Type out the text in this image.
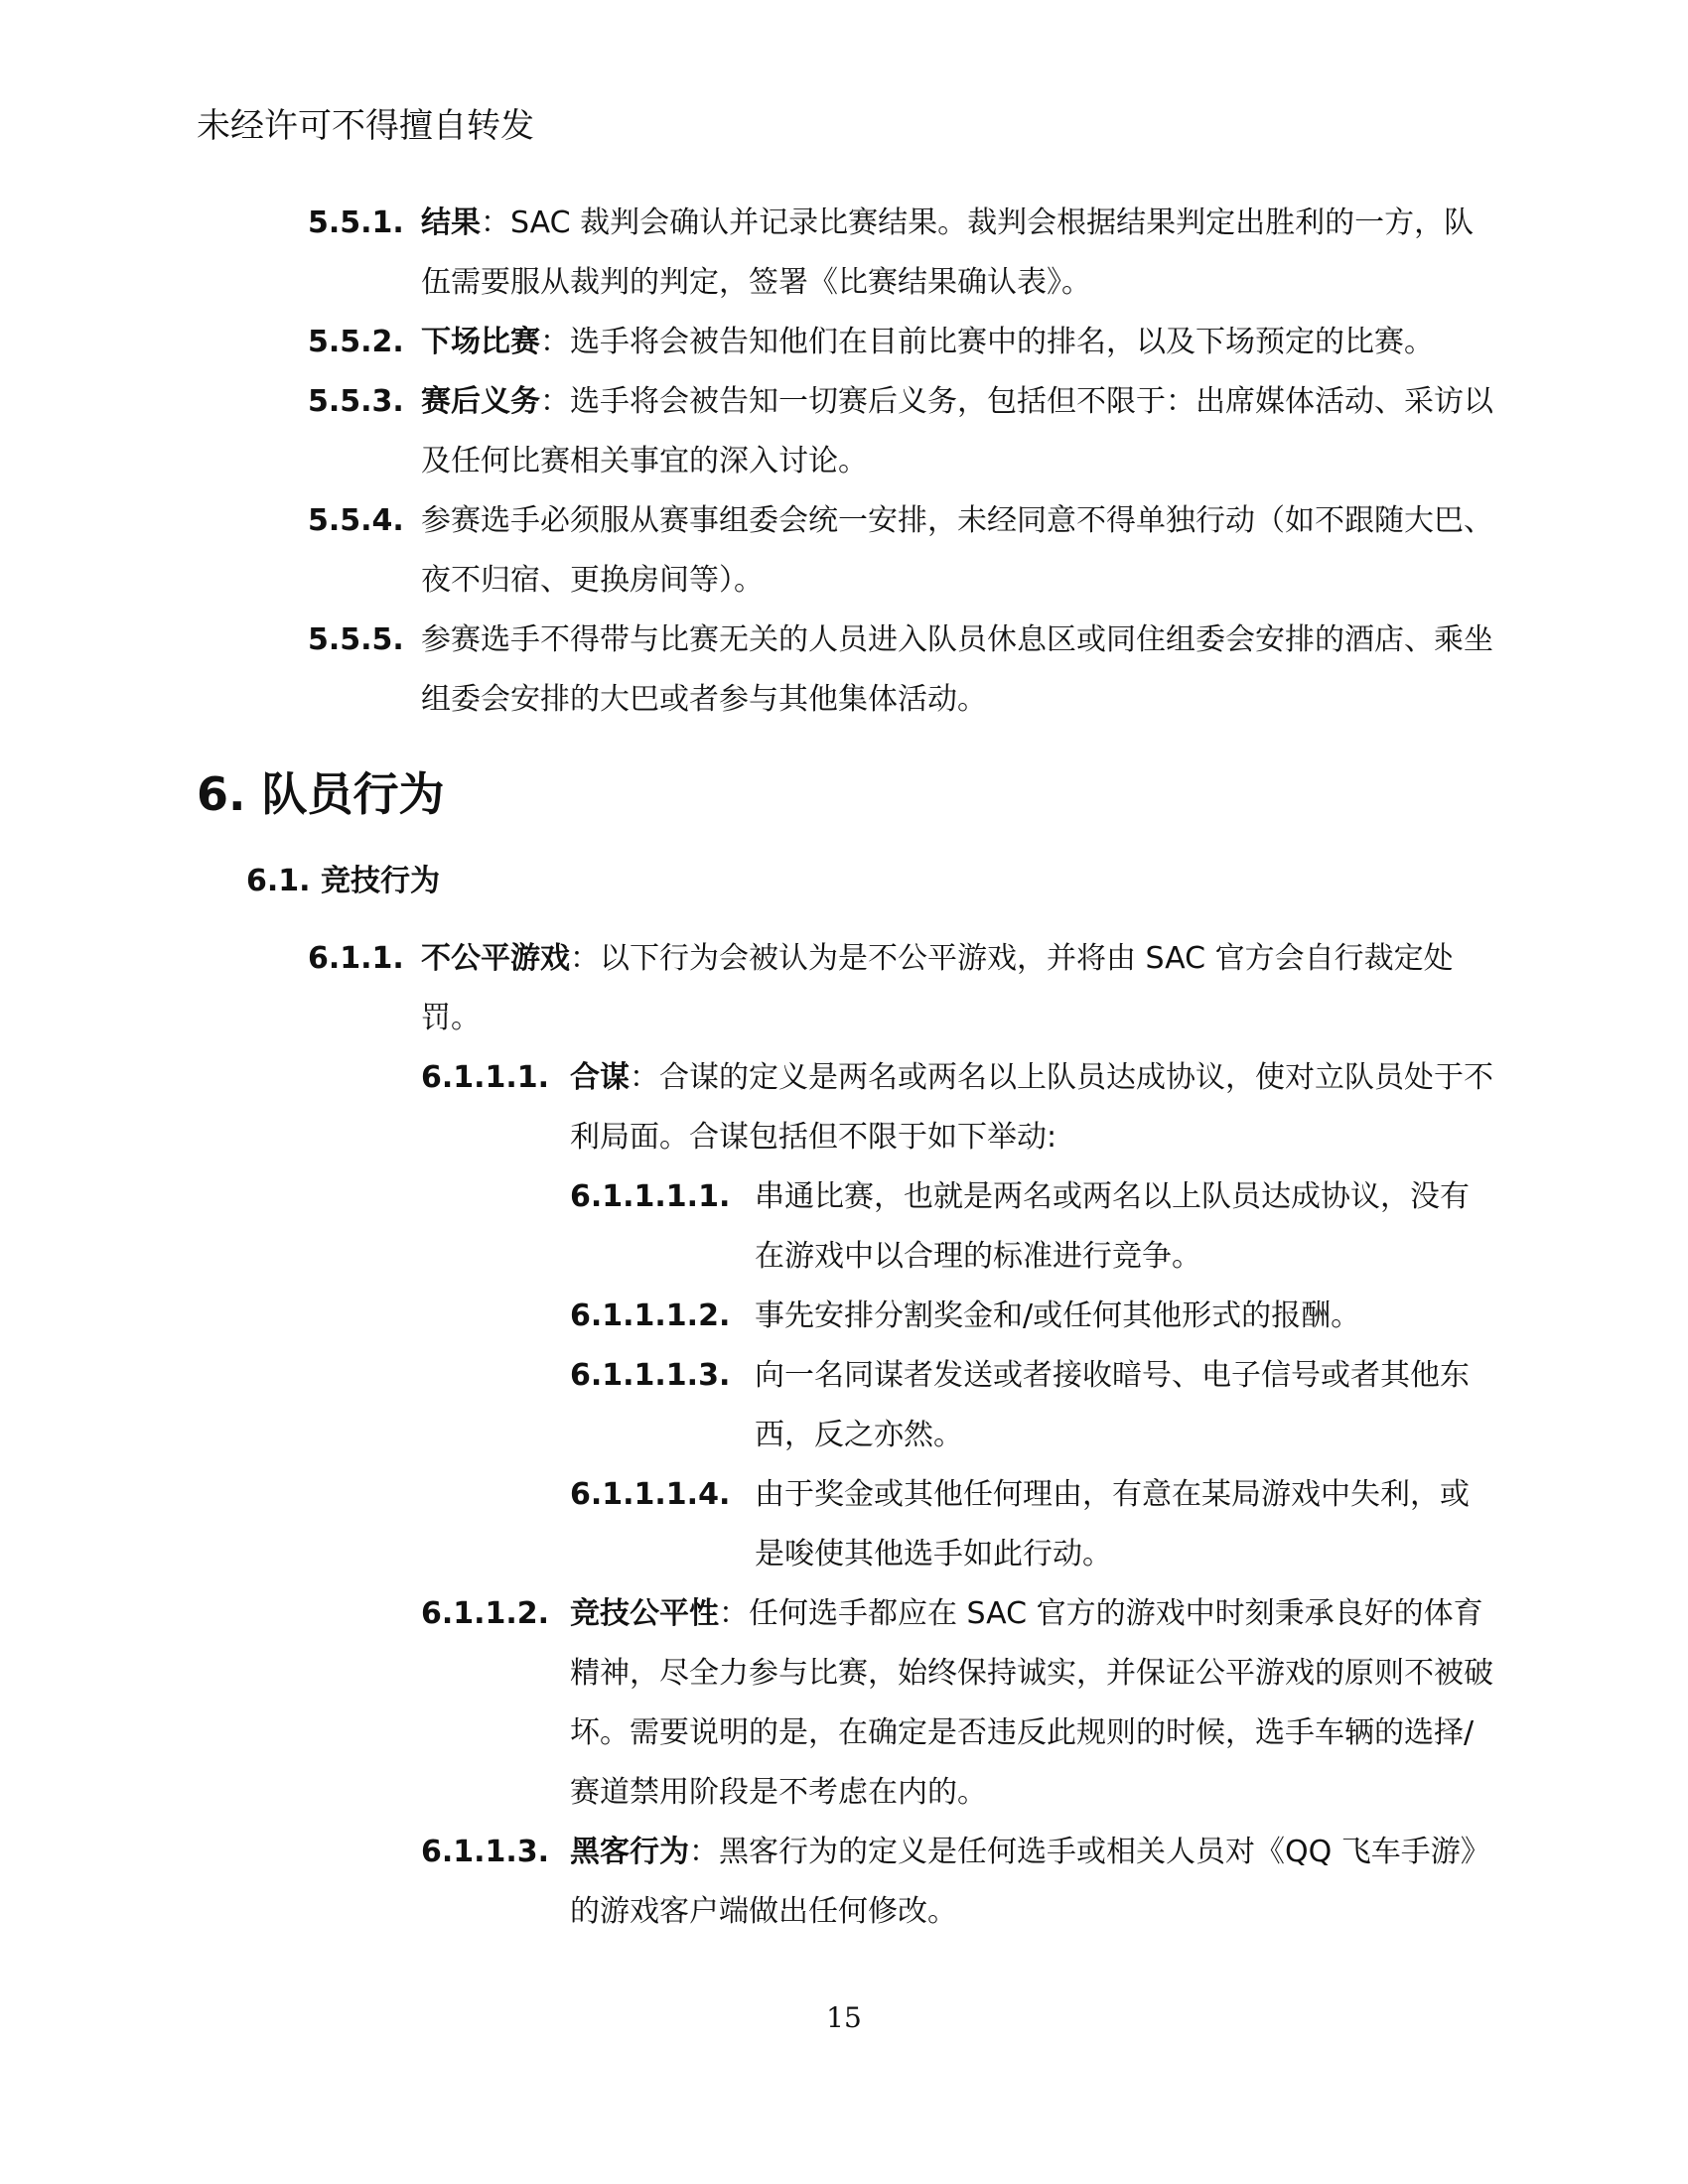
未经许可不得擅自转发
5.5.1. 结果：SAC 裁判会确认并记录比赛结果。裁判会根据结果判定出胜利的一方，队伍需要服从裁判的判定，签署《比赛结果确认表》。
5.5.2. 下场比赛：选手将会被告知他们在目前比赛中的排名，以及下场预定的比赛。
5.5.3. 赛后义务：选手将会被告知一切赛后义务，包括但不限于：出席媒体活动、采访以及任何比赛相关事宜的深入讨论。
5.5.4. 参赛选手必须服从赛事组委会统一安排，未经同意不得单独行动（如不跟随大巴、夜不归宿、更换房间等）。
5.5.5. 参赛选手不得带与比赛无关的人员进入队员休息区或同住组委会安排的酒店、乘坐组委会安排的大巴或者参与其他集体活动。
6. 队员行为
6.1. 竞技行为
6.1.1. 不公平游戏：以下行为会被认为是不公平游戏，并将由 SAC 官方会自行裁定处罚。
6.1.1.1. 合谋：合谋的定义是两名或两名以上队员达成协议，使对立队员处于不利局面。合谋包括但不限于如下举动:
6.1.1.1.1. 串通比赛，也就是两名或两名以上队员达成协议，没有在游戏中以合理的标准进行竞争。
6.1.1.1.2. 事先安排分割奖金和/或任何其他形式的报酬。
6.1.1.1.3. 向一名同谋者发送或者接收暗号、电子信号或者其他东西，反之亦然。
6.1.1.1.4. 由于奖金或其他任何理由，有意在某局游戏中失利，或是唆使其他选手如此行动。
6.1.1.2. 竞技公平性：任何选手都应在 SAC 官方的游戏中时刻秉承良好的体育精神，尽全力参与比赛，始终保持诚实，并保证公平游戏的原则不被破坏。需要说明的是，在确定是否违反此规则的时候，选手车辆的选择/赛道禁用阶段是不考虑在内的。
6.1.1.3. 黑客行为：黑客行为的定义是任何选手或相关人员对《QQ 飞车手游》的游戏客户端做出任何修改。
15
